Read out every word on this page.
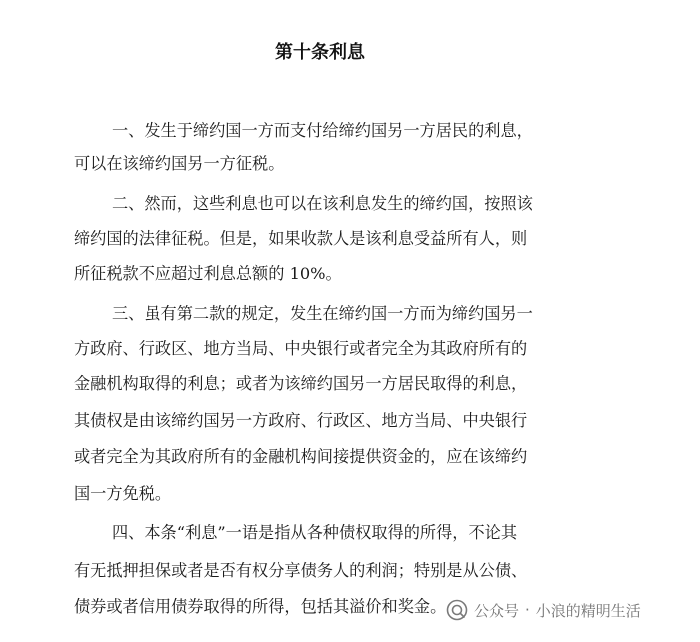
第十条利息
一、发生于缔约国一方而支付给缔约国另一方居民的利息，
可以在该缔约国另一方征税。
二、然而，这些利息也可以在该利息发生的缔约国，按照该
缔约国的法律征税。但是，如果收款人是该利息受益所有人，则
所征税款不应超过利息总额的 10%。
三、虽有第二款的规定，发生在缔约国一方而为缔约国另一
方政府、行政区、地方当局、中央银行或者完全为其政府所有的
金融机构取得的利息；或者为该缔约国另一方居民取得的利息，
其债权是由该缔约国另一方政府、行政区、地方当局、中央银行
或者完全为其政府所有的金融机构间接提供资金的，应在该缔约
国一方免税。
四、本条“利息”一语是指从各种债权取得的所得，不论其
有无抵押担保或者是否有权分享债务人的利润；特别是从公债、
债券或者信用债券取得的所得，包括其溢价和奖金。	公众号 · 小浪的精明生活
